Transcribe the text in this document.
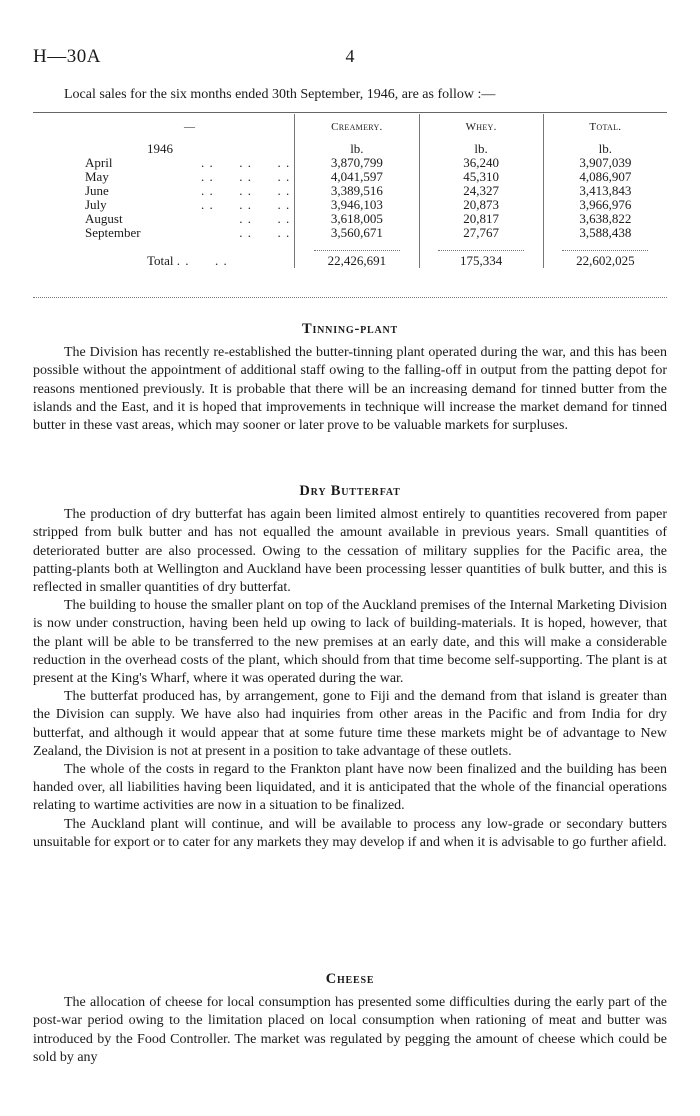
4
H—30A
Local sales for the six months ended 30th September, 1946, are as follow :—
—	Creamery.	Whey.	Total.
1946	lb.	lb.	lb.

April . .      . .      . .	3,870,799	36,240	3,907,039

May . .      . .      . .	4,041,597	45,310	4,086,907

June . .      . .      . .	3,389,516	24,327	3,413,843

July . .      . .      . .	3,946,103	20,873	3,966,976

August . .      . .	3,618,005	20,817	3,638,822

September . .      . .	3,560,671	27,767	3,588,438

Total . .      . .	22,426,691	175,334	22,602,025
Tinning-plant

The Division has recently re-established the butter-tinning plant operated during the war, and this has been possible without the appointment of additional staff owing to the falling-off in output from the patting depot for reasons mentioned previously. It is probable that there will be an increasing demand for tinned butter from the islands and the East, and it is hoped that improvements in technique will increase the market demand for tinned butter in these vast areas, which may sooner or later prove to be valuable markets for surpluses.

Dry Butterfat

The production of dry butterfat has again been limited almost entirely to quantities recovered from paper stripped from bulk butter and has not equalled the amount available in previous years. Small quantities of deteriorated butter are also processed. Owing to the cessation of military supplies for the Pacific area, the patting-plants both at Wellington and Auckland have been processing lesser quantities of bulk butter, and this is reflected in smaller quantities of dry butterfat.

The building to house the smaller plant on top of the Auckland premises of the Internal Marketing Division is now under construction, having been held up owing to lack of building-materials. It is hoped, however, that the plant will be able to be transferred to the new premises at an early date, and this will make a considerable reduction in the overhead costs of the plant, which should from that time become self-supporting. The plant is at present at the King's Wharf, where it was operated during the war.

The butterfat produced has, by arrangement, gone to Fiji and the demand from that island is greater than the Division can supply. We have also had inquiries from other areas in the Pacific and from India for dry butterfat, and although it would appear that at some future time these markets might be of advantage to New Zealand, the Division is not at present in a position to take advantage of these outlets.

The whole of the costs in regard to the Frankton plant have now been finalized and the building has been handed over, all liabilities having been liquidated, and it is anticipated that the whole of the financial operations relating to wartime activities are now in a situation to be finalized.

The Auckland plant will continue, and will be available to process any low-grade or secondary butters unsuitable for export or to cater for any markets they may develop if and when it is advisable to go further afield.

Cheese

The allocation of cheese for local consumption has presented some difficulties during the early part of the post-war period owing to the limitation placed on local consumption when rationing of meat and butter was introduced by the Food Controller. The market was regulated by pegging the amount of cheese which could be sold by any
